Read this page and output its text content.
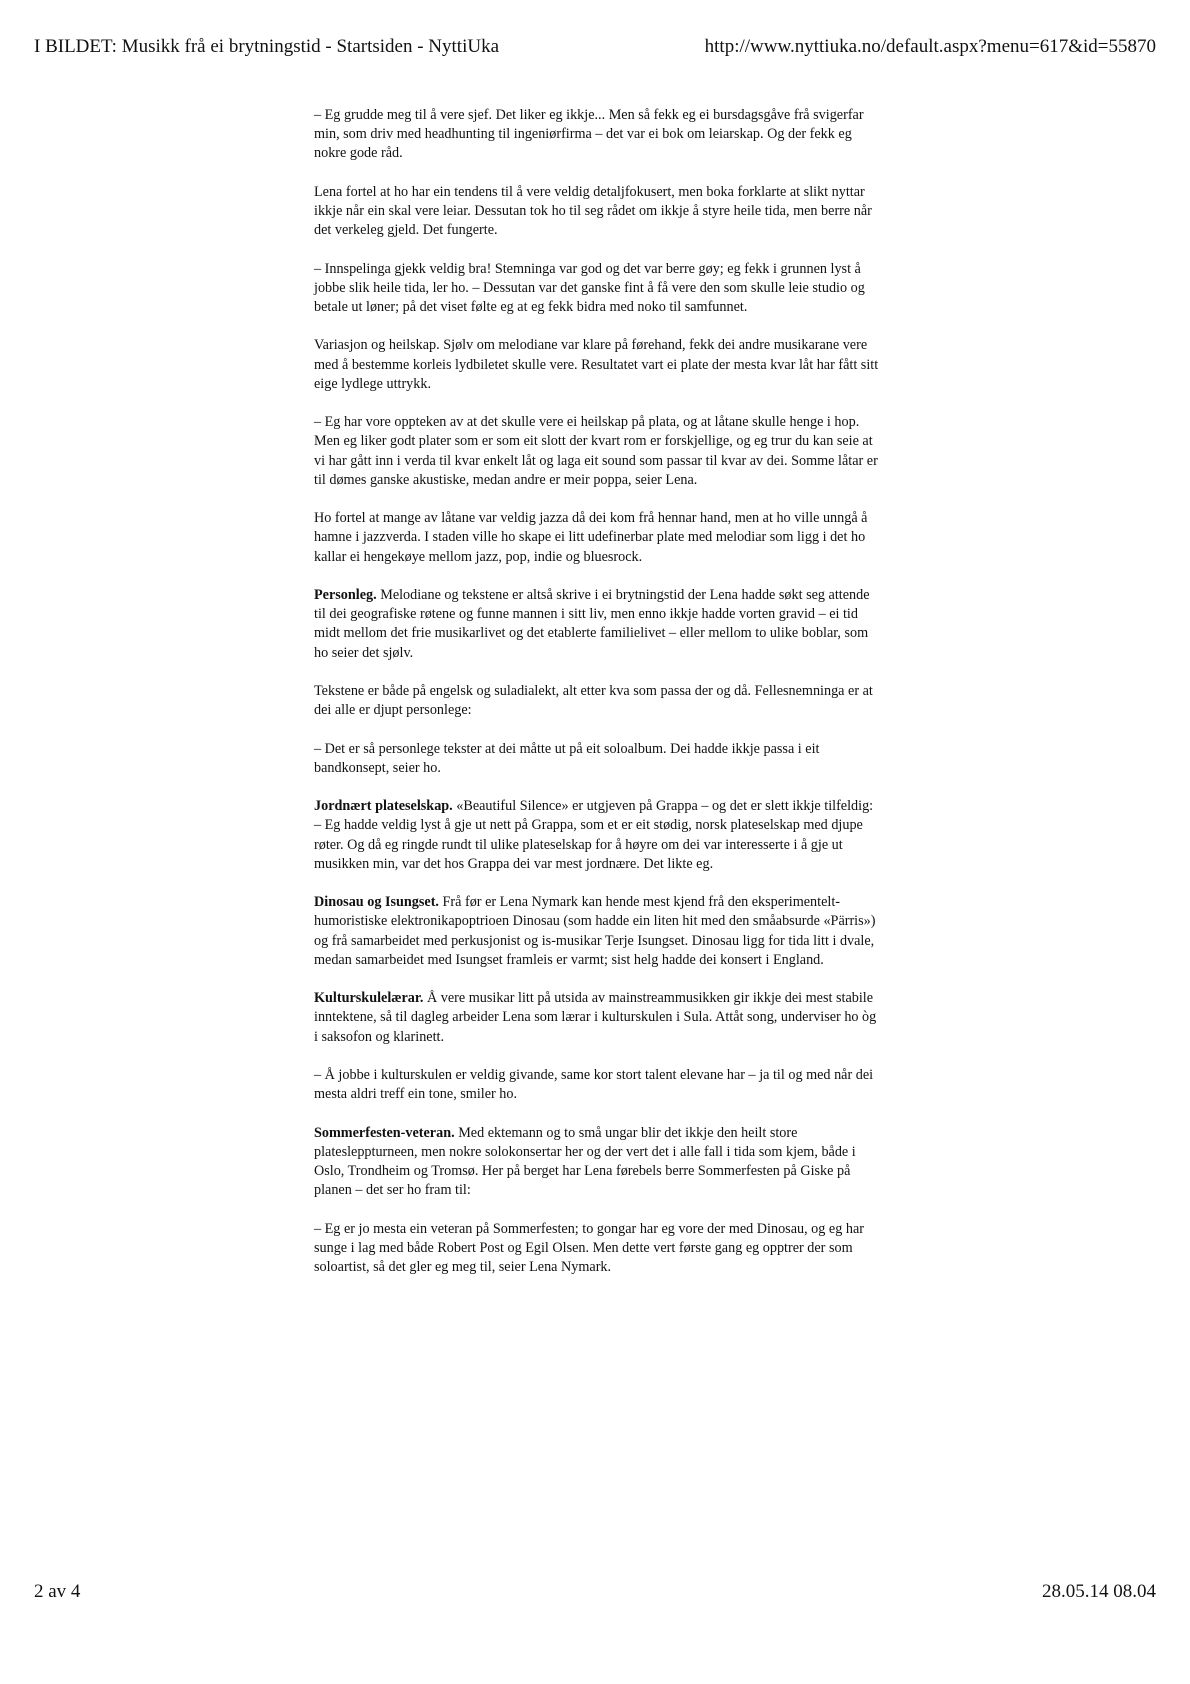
I BILDET: Musikk frå ei brytningstid - Startsiden - NyttiUka	http://www.nyttiuka.no/default.aspx?menu=617&id=55870

– Eg grudde meg til å vere sjef. Det liker eg ikkje... Men så fekk eg ei bursdagsgåve frå svigerfar min, som driv med headhunting til ingeniørfirma – det var ei bok om leiarskap. Og der fekk eg nokre gode råd.

Lena fortel at ho har ein tendens til å vere veldig detaljfokusert, men boka forklarte at slikt nyttar ikkje når ein skal vere leiar. Dessutan tok ho til seg rådet om ikkje å styre heile tida, men berre når det verkeleg gjeld. Det fungerte.

– Innspelinga gjekk veldig bra! Stemninga var god og det var berre gøy; eg fekk i grunnen lyst å jobbe slik heile tida, ler ho. – Dessutan var det ganske fint å få vere den som skulle leie studio og betale ut løner; på det viset følte eg at eg fekk bidra med noko til samfunnet.

Variasjon og heilskap. Sjølv om melodiane var klare på førehand, fekk dei andre musikarane vere med å bestemme korleis lydbiletet skulle vere. Resultatet vart ei plate der mesta kvar låt har fått sitt eige lydlege uttrykk.

– Eg har vore oppteken av at det skulle vere ei heilskap på plata, og at låtane skulle henge i hop. Men eg liker godt plater som er som eit slott der kvart rom er forskjellige, og eg trur du kan seie at vi har gått inn i verda til kvar enkelt låt og laga eit sound som passar til kvar av dei. Somme låtar er til dømes ganske akustiske, medan andre er meir poppa, seier Lena.

Ho fortel at mange av låtane var veldig jazza då dei kom frå hennar hand, men at ho ville unngå å hamne i jazzverda. I staden ville ho skape ei litt udefinerbar plate med melodiar som ligg i det ho kallar ei hengekøye mellom jazz, pop, indie og bluesrock.

Personleg. Melodiane og tekstene er altså skrive i ei brytningstid der Lena hadde søkt seg attende til dei geografiske røtene og funne mannen i sitt liv, men enno ikkje hadde vorten gravid – ei tid midt mellom det frie musikarlivet og det etablerte familielivet – eller mellom to ulike boblar, som ho seier det sjølv.

Tekstene er både på engelsk og suladialekt, alt etter kva som passa der og då. Fellesnemninga er at dei alle er djupt personlege:

– Det er så personlege tekster at dei måtte ut på eit soloalbum. Dei hadde ikkje passa i eit bandkonsept, seier ho.

Jordnært plateselskap. «Beautiful Silence» er utgjeven på Grappa – og det er slett ikkje tilfeldig:

– Eg hadde veldig lyst å gje ut nett på Grappa, som et er eit stødig, norsk plateselskap med djupe røter. Og då eg ringde rundt til ulike plateselskap for å høyre om dei var interesserte i å gje ut musikken min, var det hos Grappa dei var mest jordnære. Det likte eg.

Dinosau og Isungset. Frå før er Lena Nymark kan hende mest kjend frå den eksperimentelt-humoristiske elektronikapoptrioen Dinosau (som hadde ein liten hit med den småabsurde «Pärris») og frå samarbeidet med perkusjonist og is-musikar Terje Isungset. Dinosau ligg for tida litt i dvale, medan samarbeidet med Isungset framleis er varmt; sist helg hadde dei konsert i England.

Kulturskulelærar. Å vere musikar litt på utsida av mainstreammusikken gir ikkje dei mest stabile inntektene, så til dagleg arbeider Lena som lærar i kulturskulen i Sula. Attåt song, underviser ho òg i saksofon og klarinett.

– Å jobbe i kulturskulen er veldig givande, same kor stort talent elevane har – ja til og med når dei mesta aldri treff ein tone, smiler ho.

Sommerfesten-veteran. Med ektemann og to små ungar blir det ikkje den heilt store platesleppturneen, men nokre solokonsertar her og der vert det i alle fall i tida som kjem, både i Oslo, Trondheim og Tromsø. Her på berget har Lena førebels berre Sommerfesten på Giske på planen – det ser ho fram til:

– Eg er jo mesta ein veteran på Sommerfesten; to gongar har eg vore der med Dinosau, og eg har sunge i lag med både Robert Post og Egil Olsen. Men dette vert første gang eg opptrer der som soloartist, så det gler eg meg til, seier Lena Nymark.

2 av 4	28.05.14 08.04
